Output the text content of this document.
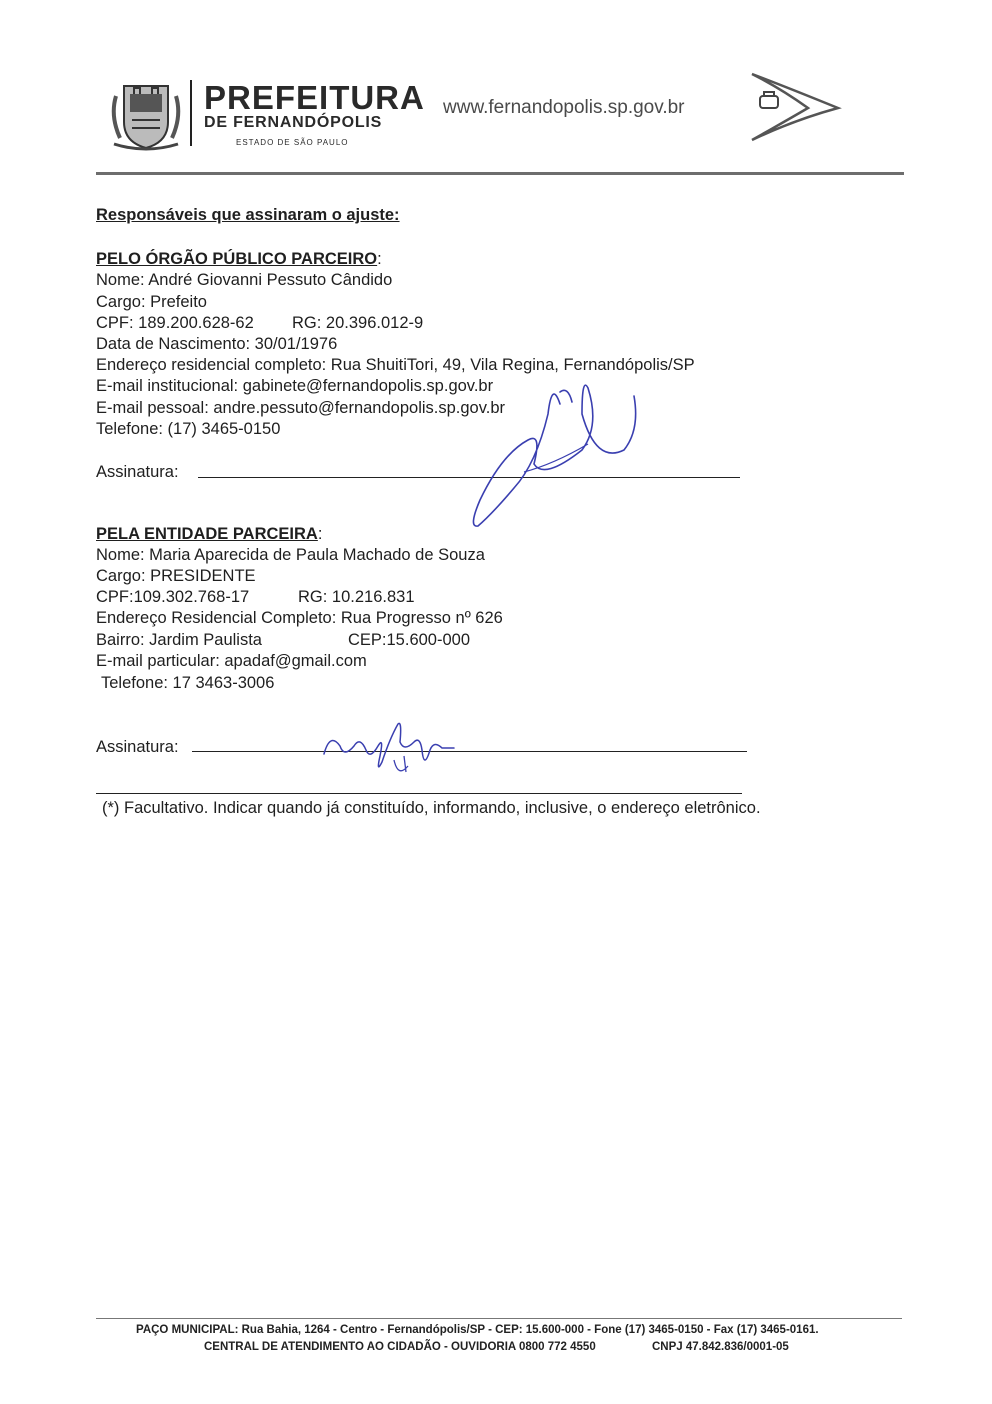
PREFEITURA
DE FERNANDÓPOLIS
ESTADO DE SÃO PAULO
www.fernandopolis.sp.gov.br
Responsáveis que assinaram o ajuste:
PELO ÓRGÃO PÚBLICO PARCEIRO:
Nome: André Giovanni Pessuto Cândido
Cargo: Prefeito
CPF: 189.200.628-62 RG: 20.396.012-9
Data de Nascimento: 30/01/1976
Endereço residencial completo: Rua ShuitiTori, 49, Vila Regina, Fernandópolis/SP
E-mail institucional: gabinete@fernandopolis.sp.gov.br
E-mail pessoal: andre.pessuto@fernandopolis.sp.gov.br
Telefone: (17) 3465-0150
Assinatura:
PELA ENTIDADE PARCEIRA:
Nome: Maria Aparecida de Paula Machado de Souza
Cargo: PRESIDENTE
CPF:109.302.768-17	RG: 10.216.831
Endereço Residencial Completo: Rua Progresso nº 626
Bairro: Jardim Paulista	CEP:15.600-000
E-mail particular: apadaf@gmail.com
Telefone: 17 3463-3006
Assinatura:
(*) Facultativo. Indicar quando já constituído, informando, inclusive, o endereço eletrônico.
PAÇO MUNICIPAL: Rua Bahia, 1264 - Centro - Fernandópolis/SP - CEP: 15.600-000 - Fone (17) 3465-0150 - Fax (17) 3465-0161.
CENTRAL DE ATENDIMENTO AO CIDADÃO - OUVIDORIA 0800 772 4550	CNPJ 47.842.836/0001-05
